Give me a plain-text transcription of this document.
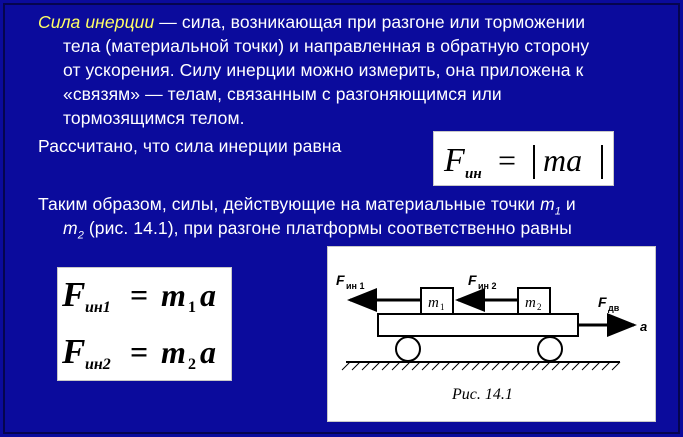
Сила инерции — сила, возникающая при разгоне или торможении
тела (материальной точки) и направленная в обратную сторону
от ускорения. Силу инерции можно измерить, она приложена к
«связям» — телам, связанным с разгоняющимся или
тормозящимся телом.
Рассчитано, что сила инерции равна	F ин = ma
Таким образом, силы, действующие на материальные точки $m_1$ и
$m_2$ (рис. 14.1), при разгоне платформы соответственно равны
F ин1 = m 1 a
F ин2 = m 2 a
m 1	m 2
F ин 1	F ин 2
F дв
a
Рис. 14.1
